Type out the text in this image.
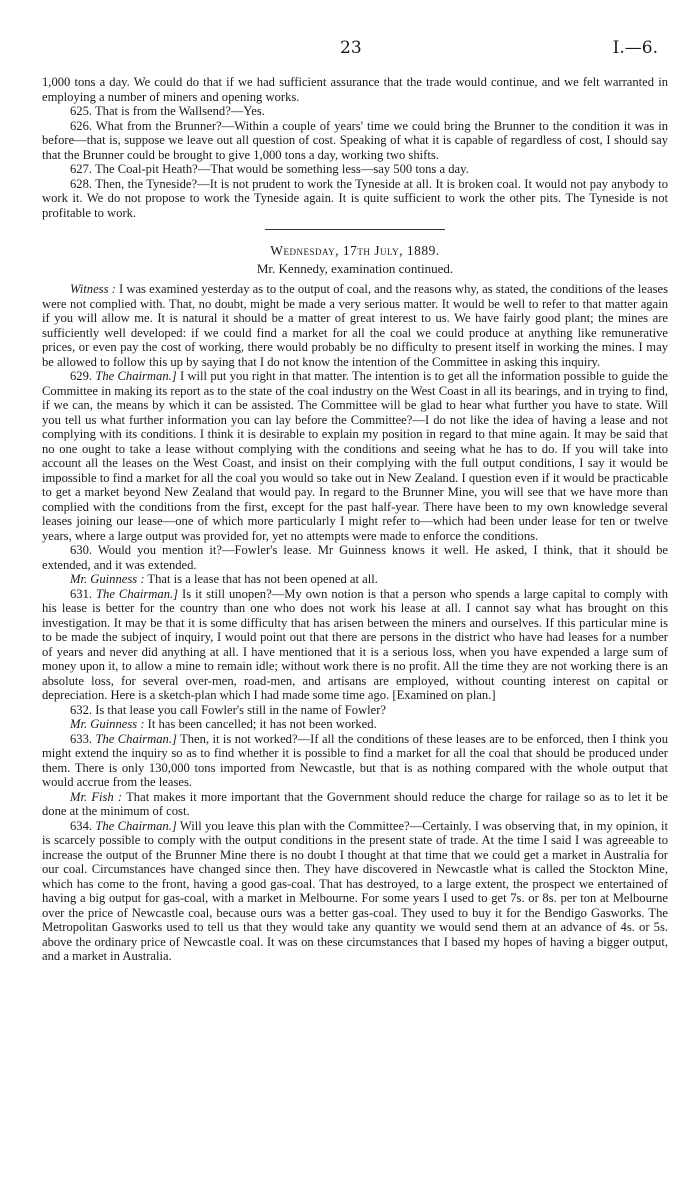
23	I.—6.

1,000 tons a day. We could do that if we had sufficient assurance that the trade would continue, and we felt warranted in employing a number of miners and opening works.

625. That is from the Wallsend?—Yes.

626. What from the Brunner?—Within a couple of years' time we could bring the Brunner to the condition it was in before—that is, suppose we leave out all question of cost. Speaking of what it is capable of regardless of cost, I should say that the Brunner could be brought to give 1,000 tons a day, working two shifts.

627. The Coal-pit Heath?—That would be something less—say 500 tons a day.

628. Then, the Tyneside?—It is not prudent to work the Tyneside at all. It is broken coal. It would not pay anybody to work it. We do not propose to work the Tyneside again. It is quite sufficient to work the other pits. The Tyneside is not profitable to work.

Wednesday, 17th July, 1889.

Mr. Kennedy, examination continued.

Witness : I was examined yesterday as to the output of coal, and the reasons why, as stated, the conditions of the leases were not complied with. That, no doubt, might be made a very serious matter. It would be well to refer to that matter again if you will allow me. It is natural it should be a matter of great interest to us. We have fairly good plant; the mines are sufficiently well developed: if we could find a market for all the coal we could produce at anything like remunerative prices, or even pay the cost of working, there would probably be no difficulty to present itself in working the mines. I may be allowed to follow this up by saying that I do not know the intention of the Committee in asking this inquiry.

629. The Chairman.] I will put you right in that matter. The intention is to get all the information possible to guide the Committee in making its report as to the state of the coal industry on the West Coast in all its bearings, and in trying to find, if we can, the means by which it can be assisted. The Committee will be glad to hear what further you have to state. Will you tell us what further information you can lay before the Committee?—I do not like the idea of having a lease and not complying with its conditions. I think it is desirable to explain my position in regard to that mine again. It may be said that no one ought to take a lease without complying with the conditions and seeing what he has to do. If you will take into account all the leases on the West Coast, and insist on their complying with the full output conditions, I say it would be impossible to find a market for all the coal you would so take out in New Zealand. I question even if it would be practicable to get a market beyond New Zealand that would pay. In regard to the Brunner Mine, you will see that we have more than complied with the conditions from the first, except for the past half-year. There have been to my own knowledge several leases joining our lease—one of which more particularly I might refer to—which had been under lease for ten or twelve years, where a large output was provided for, yet no attempts were made to enforce the conditions.

630. Would you mention it?—Fowler's lease. Mr Guinness knows it well. He asked, I think, that it should be extended, and it was extended.

Mr. Guinness : That is a lease that has not been opened at all.

631. The Chairman.] Is it still unopen?—My own notion is that a person who spends a large capital to comply with his lease is better for the country than one who does not work his lease at all. I cannot say what has brought on this investigation. It may be that it is some difficulty that has arisen between the miners and ourselves. If this particular mine is to be made the subject of inquiry, I would point out that there are persons in the district who have had leases for a number of years and never did anything at all. I have mentioned that it is a serious loss, when you have expended a large sum of money upon it, to allow a mine to remain idle; without work there is no profit. All the time they are not working there is an absolute loss, for several over-men, road-men, and artisans are employed, without counting interest on capital or depreciation. Here is a sketch-plan which I had made some time ago. [Examined on plan.]

632. Is that lease you call Fowler's still in the name of Fowler?

Mr. Guinness : It has been cancelled; it has not been worked.

633. The Chairman.] Then, it is not worked?—If all the conditions of these leases are to be enforced, then I think you might extend the inquiry so as to find whether it is possible to find a market for all the coal that should be produced under them. There is only 130,000 tons imported from Newcastle, but that is as nothing compared with the whole output that would accrue from the leases.

Mr. Fish : That makes it more important that the Government should reduce the charge for railage so as to let it be done at the minimum of cost.

634. The Chairman.] Will you leave this plan with the Committee?—Certainly. I was observing that, in my opinion, it is scarcely possible to comply with the output conditions in the present state of trade. At the time I said I was agreeable to increase the output of the Brunner Mine there is no doubt I thought at that time that we could get a market in Australia for our coal. Circumstances have changed since then. They have discovered in Newcastle what is called the Stockton Mine, which has come to the front, having a good gas-coal. That has destroyed, to a large extent, the prospect we entertained of having a big output for gas-coal, with a market in Melbourne. For some years I used to get 7s. or 8s. per ton at Melbourne over the price of Newcastle coal, because ours was a better gas-coal. They used to buy it for the Bendigo Gasworks. The Metropolitan Gasworks used to tell us that they would take any quantity we would send them at an advance of 4s. or 5s. above the ordinary price of Newcastle coal. It was on these circumstances that I based my hopes of having a bigger output, and a market in Australia.
